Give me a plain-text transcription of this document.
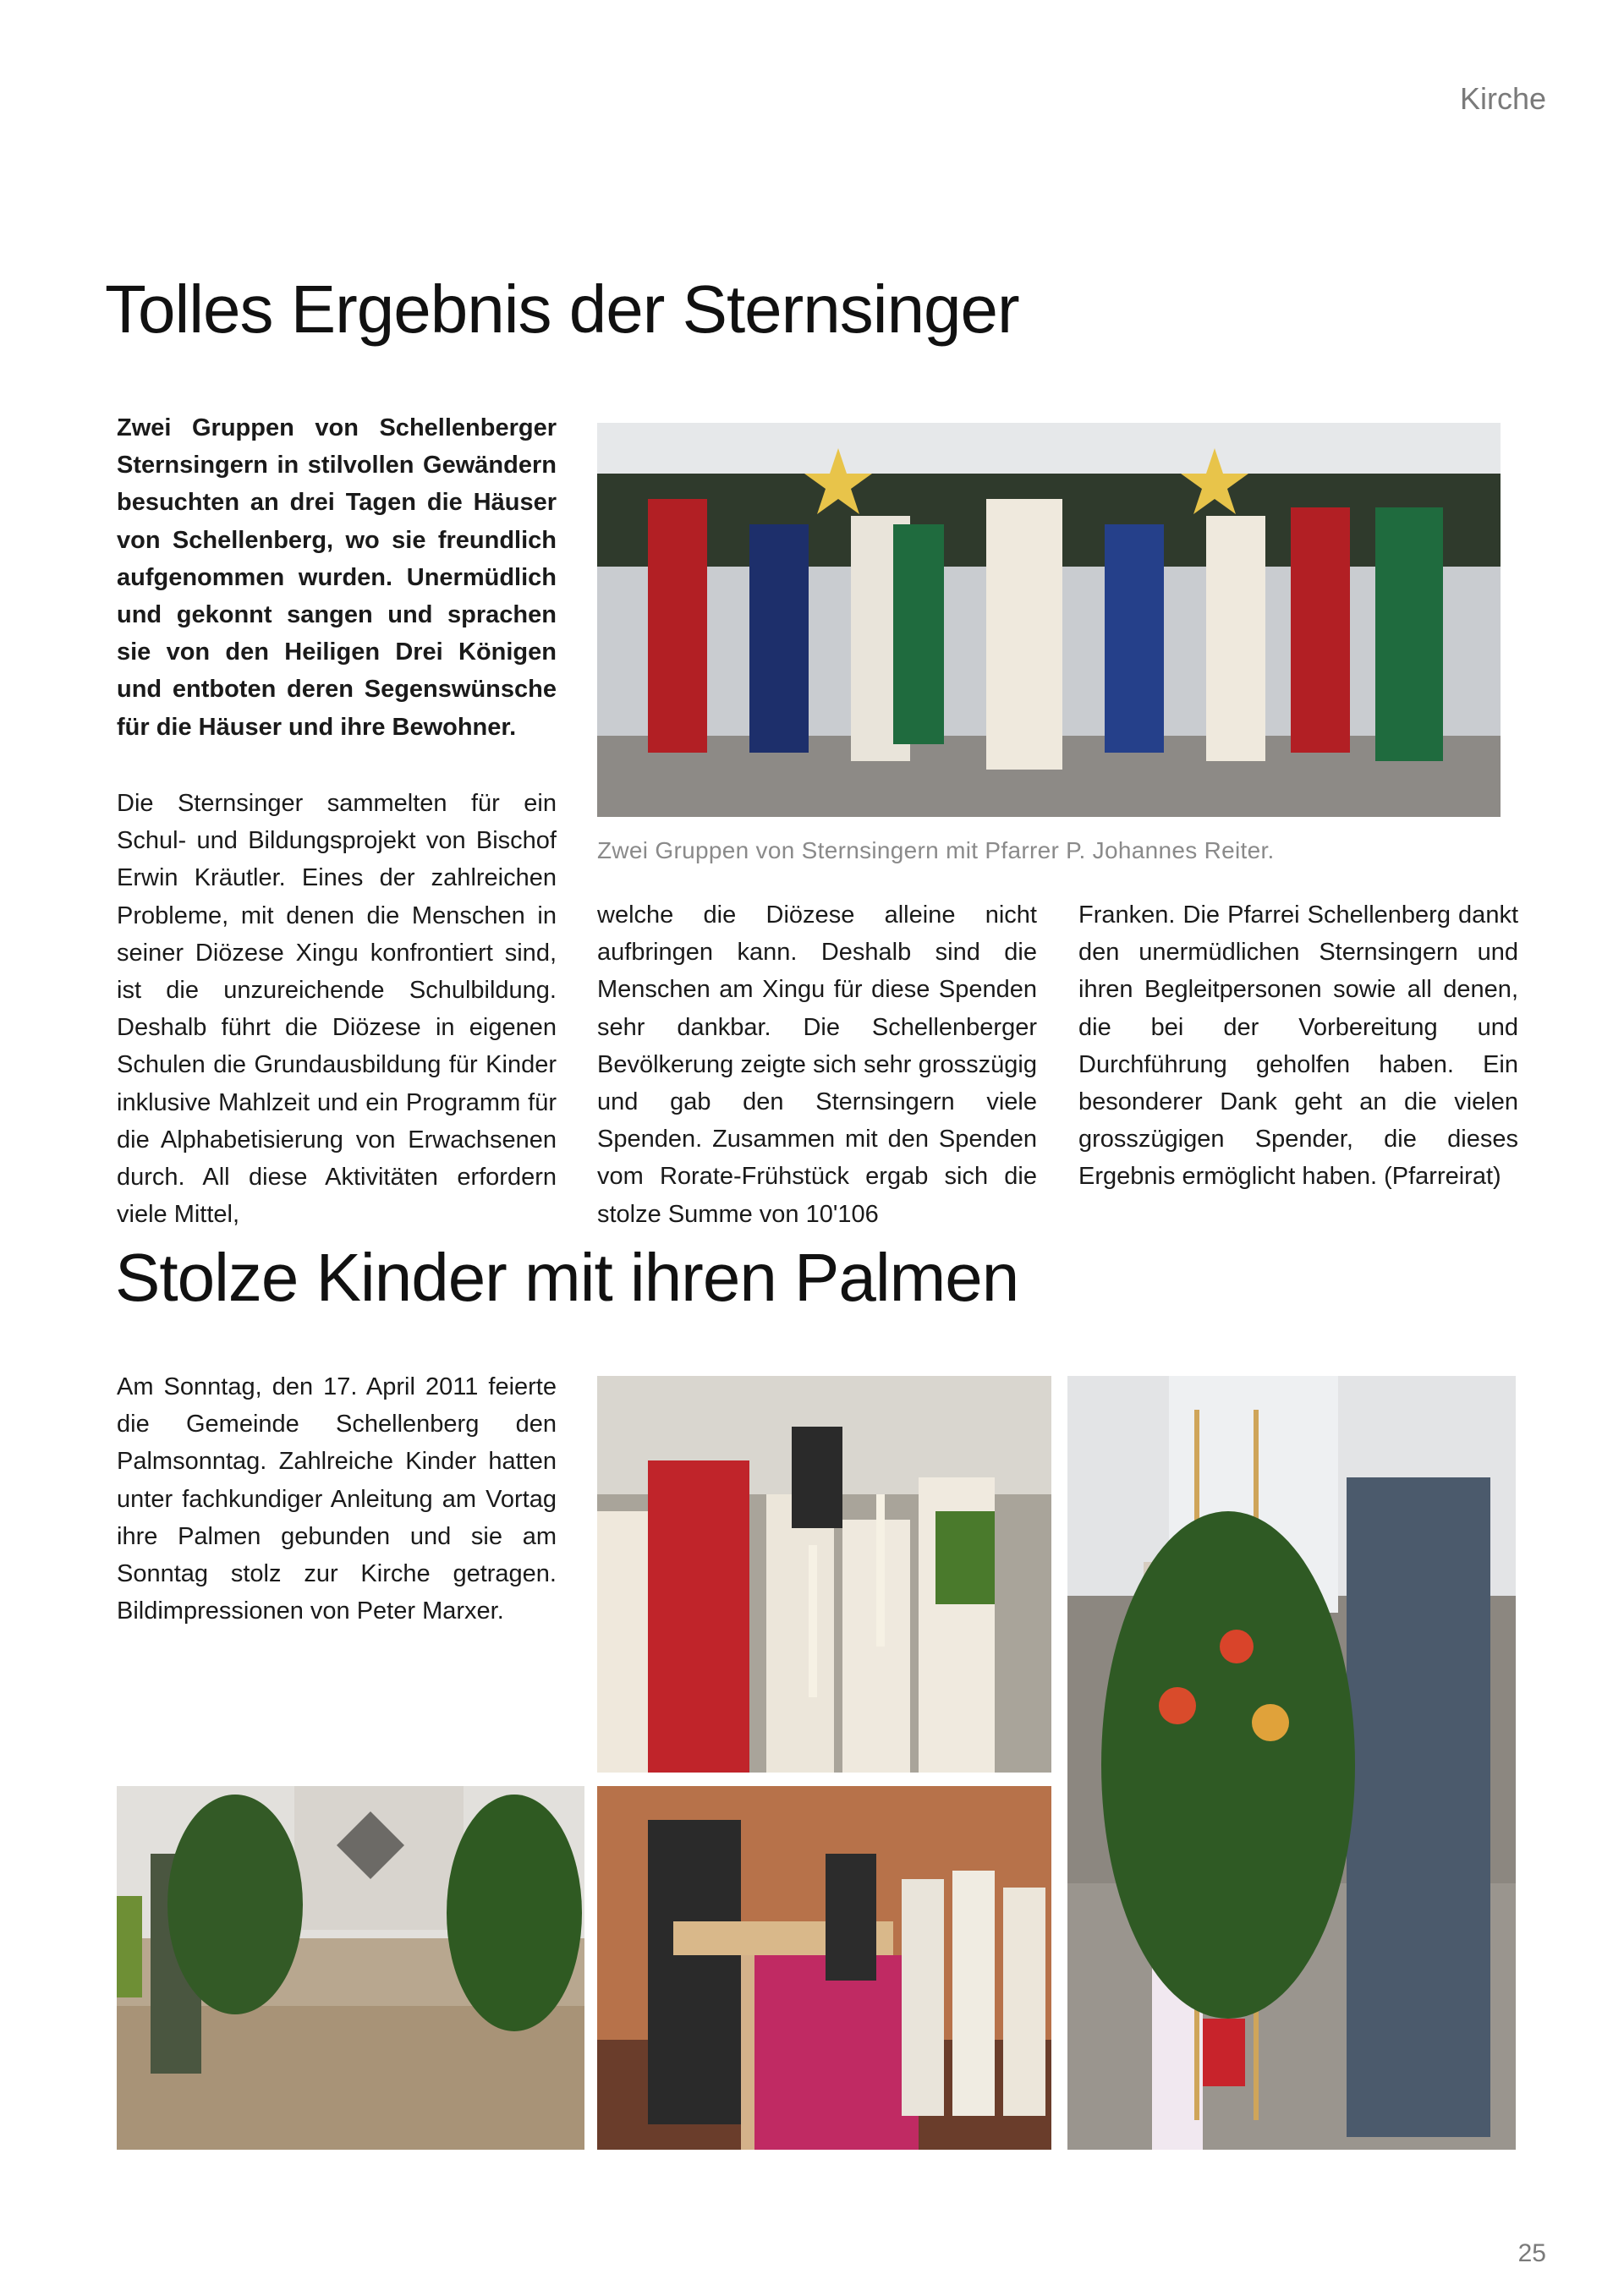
Kirche
Tolles Ergebnis der Sternsinger
Zwei Gruppen von Schellenberger Sternsingern in stilvollen Gewändern besuchten an drei Tagen die Häuser von Schellenberg, wo sie freundlich aufgenommen wurden. Unermüdlich und gekonnt sangen und sprachen sie von den Heiligen Drei Königen und entboten deren Segenswünsche für die Häuser und ihre Bewohner.
Zwei Gruppen von Sternsingern mit Pfarrer P. Johannes Reiter.
Die Sternsinger sammelten für ein Schul- und Bildungsprojekt von Bischof Erwin Kräutler. Eines der zahlreichen Probleme, mit denen die Menschen in seiner Diözese Xingu konfrontiert sind, ist die unzureichende Schulbildung. Deshalb führt die Diözese in eigenen Schulen die Grundausbildung für Kinder inklusive Mahlzeit und ein Programm für die Alphabetisierung von Erwachsenen durch. All diese Aktivitäten erfordern viele Mittel,
welche die Diözese alleine nicht aufbringen kann. Deshalb sind die Menschen am Xingu für diese Spenden sehr dankbar. Die Schellenberger Bevölkerung zeigte sich sehr grosszügig und gab den Sternsingern viele Spenden. Zusammen mit den Spenden vom Rorate-Frühstück ergab sich die stolze Summe von 10'106
Franken. Die Pfarrei Schellenberg dankt den unermüdlichen Sternsingern und ihren Begleitpersonen sowie all denen, die bei der Vorbereitung und Durchführung geholfen haben. Ein besonderer Dank geht an die vielen grosszügigen Spender, die dieses Ergebnis ermöglicht haben. (Pfarreirat)
Stolze Kinder mit ihren Palmen
Am Sonntag, den 17. April 2011 feierte die Gemeinde Schellenberg den Palmsonntag. Zahlreiche Kinder hatten unter fachkundiger Anleitung am Vortag ihre Palmen gebunden und sie am Sonntag stolz zur Kirche getragen. Bildimpressionen von Peter Marxer.
25
